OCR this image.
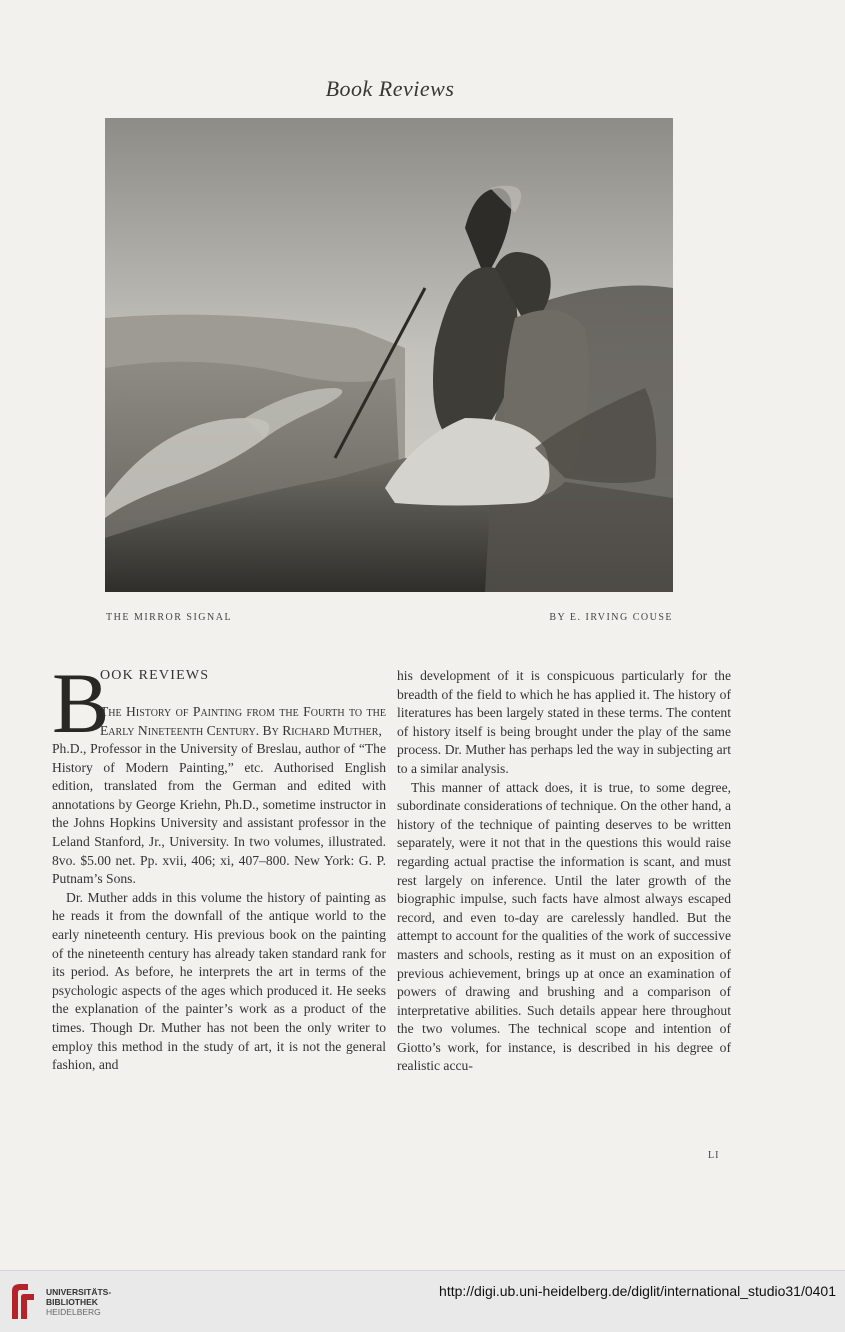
Book Reviews
THE MIRROR SIGNAL	BY E. IRVING COUSE
B
OOK REVIEWS
The History of Painting from the Fourth to the Early Nineteenth Century. By Richard Muther,

Ph.D., Professor in the University of Breslau, author of “The History of Modern Painting,” etc. Authorised English edition, translated from the German and edited with annotations by George Kriehn, Ph.D., sometime instructor in the Johns Hopkins University and assistant professor in the Leland Stanford, Jr., University. In two volumes, illustrated. 8vo. $5.00 net. Pp. xvii, 406; xi, 407–800. New York: G. P. Putnam’s Sons.

Dr. Muther adds in this volume the history of painting as he reads it from the downfall of the antique world to the early nineteenth century. His previous book on the painting of the nineteenth century has already taken standard rank for its period. As before, he interprets the art in terms of the psychologic aspects of the ages which produced it. He seeks the explanation of the painter’s work as a product of the times. Though Dr. Muther has not been the only writer to employ this method in the study of art, it is not the general fashion, and

his development of it is conspicuous particularly for the breadth of the field to which he has applied it. The history of literatures has been largely stated in these terms. The content of history itself is being brought under the play of the same process. Dr. Muther has perhaps led the way in subjecting art to a similar analysis.

This manner of attack does, it is true, to some degree, subordinate considerations of technique. On the other hand, a history of the technique of painting deserves to be written separately, were it not that in the questions this would raise regarding actual practise the information is scant, and must rest largely on inference. Until the later growth of the biographic impulse, such facts have almost always escaped record, and even to-day are carelessly handled. But the attempt to account for the qualities of the work of successive masters and schools, resting as it must on an exposition of previous achievement, brings up at once an examination of powers of drawing and brushing and a comparison of interpretative abilities. Such details appear here throughout the two volumes. The technical scope and intention of Giotto’s work, for instance, is described in his degree of realistic accu-

LI
UNIVERSITÄTS-
BIBLIOTHEK
HEIDELBERG
http://digi.ub.uni-heidelberg.de/diglit/international_studio31/0401
